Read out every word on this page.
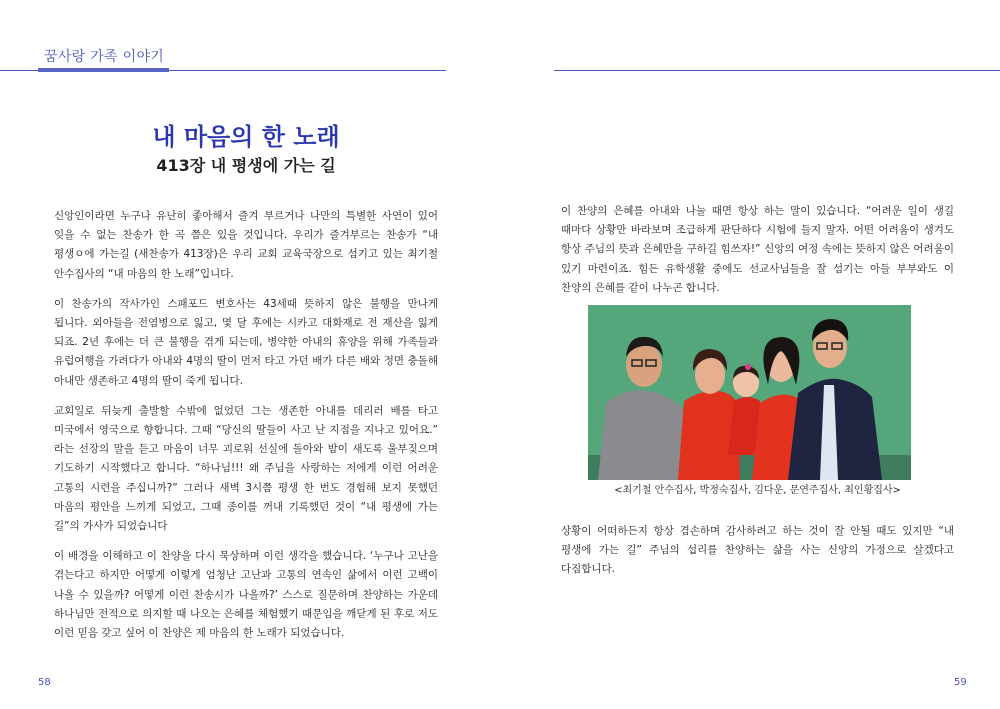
꿈사랑 가족 이야기
내 마음의 한 노래
413장 내 평생에 가는 길

신앙인이라면 누구나 유난히 좋아해서 즐겨 부르거나 나만의 특별한 사연이 있어 잊을 수 없는 찬송가 한 곡 쯤은 있을 것입니다. 우리가 즐겨부르는 찬송가 “내 평생ㅇ에 가는길 (새찬송가 413장)은 우리 교회 교육국장으로 섬기고 있는 최기철 안수집사의 “내 마음의 한 노래”입니다.

이 찬송가의 작사가인 스패포드 변호사는 43세때 뜻하지 않은 불행을 만나게 됩니다. 외아들을 전염병으로 잃고, 몇 달 후에는 시카고 대화재로 전 재산을 잃게 되죠. 2년 후에는 더 큰 불행을 겪게 되는데, 병약한 아내의 휴양을 위해 가족들과 유럽여행을 가려다가 아내와 4명의 딸이 먼저 타고 가던 배가 다른 배와 정면 충돌해 아내만 생존하고 4명의 딸이 죽게 됩니다.

교회일로 뒤늦게 출발할 수밖에 없었던 그는 생존한 아내를 데리러 배를 타고 미국에서 영국으로 향합니다. 그때 “당신의 딸들이 사고 난 지점을 지나고 있어요.” 라는 선장의 말을 듣고 마음이 너무 괴로워 선실에 돌아와 밤이 새도록 울부짖으며 기도하기 시작했다고 합니다. “하나님!!! 왜 주님을 사랑하는 저에게 이런 어려운 고통의 시련을 주십니까?” 그러나 새벽 3시쯤 평생 한 번도 경험해 보지 못했던 마음의 평안을 느끼게 되었고, 그때 종이를 꺼내 기록했던 것이 “내 평생에 가는 길”의 가사가 되었습니다

이 배경을 이해하고 이 찬양을 다시 묵상하며 이런 생각을 했습니다. ‘누구나 고난을 겪는다고 하지만 어떻게 이렇게 엄청난 고난과 고통의 연속인 삶에서 이런 고백이 나올 수 있을까? 어떻게 이런 찬송시가 나올까?’ 스스로 질문하며 찬양하는 가운데 하나님만 전적으로 의지할 때 나오는 은혜를 체험했기 때문임을 깨닫게 된 후로 저도 이런 믿음 갖고 싶어 이 찬양은 제 마음의 한 노래가 되었습니다.

이 찬양의 은혜를 아내와 나눌 때면 항상 하는 말이 있습니다. “어려운 일이 생길 때마다 상황만 바라보며 조급하게 판단하다 시험에 들지 말자. 어떤 어려움이 생겨도 항상 주님의 뜻과 은혜만을 구하길 힘쓰자!” 신앙의 여정 속에는 뜻하지 않은 어려움이 있기 마련이죠. 힘든 유학생활 중에도 선교사님들을 잘 섬기는 아들 부부와도 이 찬양의 은혜를 같이 나누곤 합니다.

<최기철 안수집사, 박정숙집사, 김다운, 문연주집사, 최인황집사>

상황이 어떠하든지 항상 겸손하며 감사하려고 하는 것이 잘 안될 때도 있지만 “내 평생에 가는 길” 주님의 섭리를 찬양하는 삶을 사는 신앙의 가정으로 살겠다고 다짐합니다.

58	59
